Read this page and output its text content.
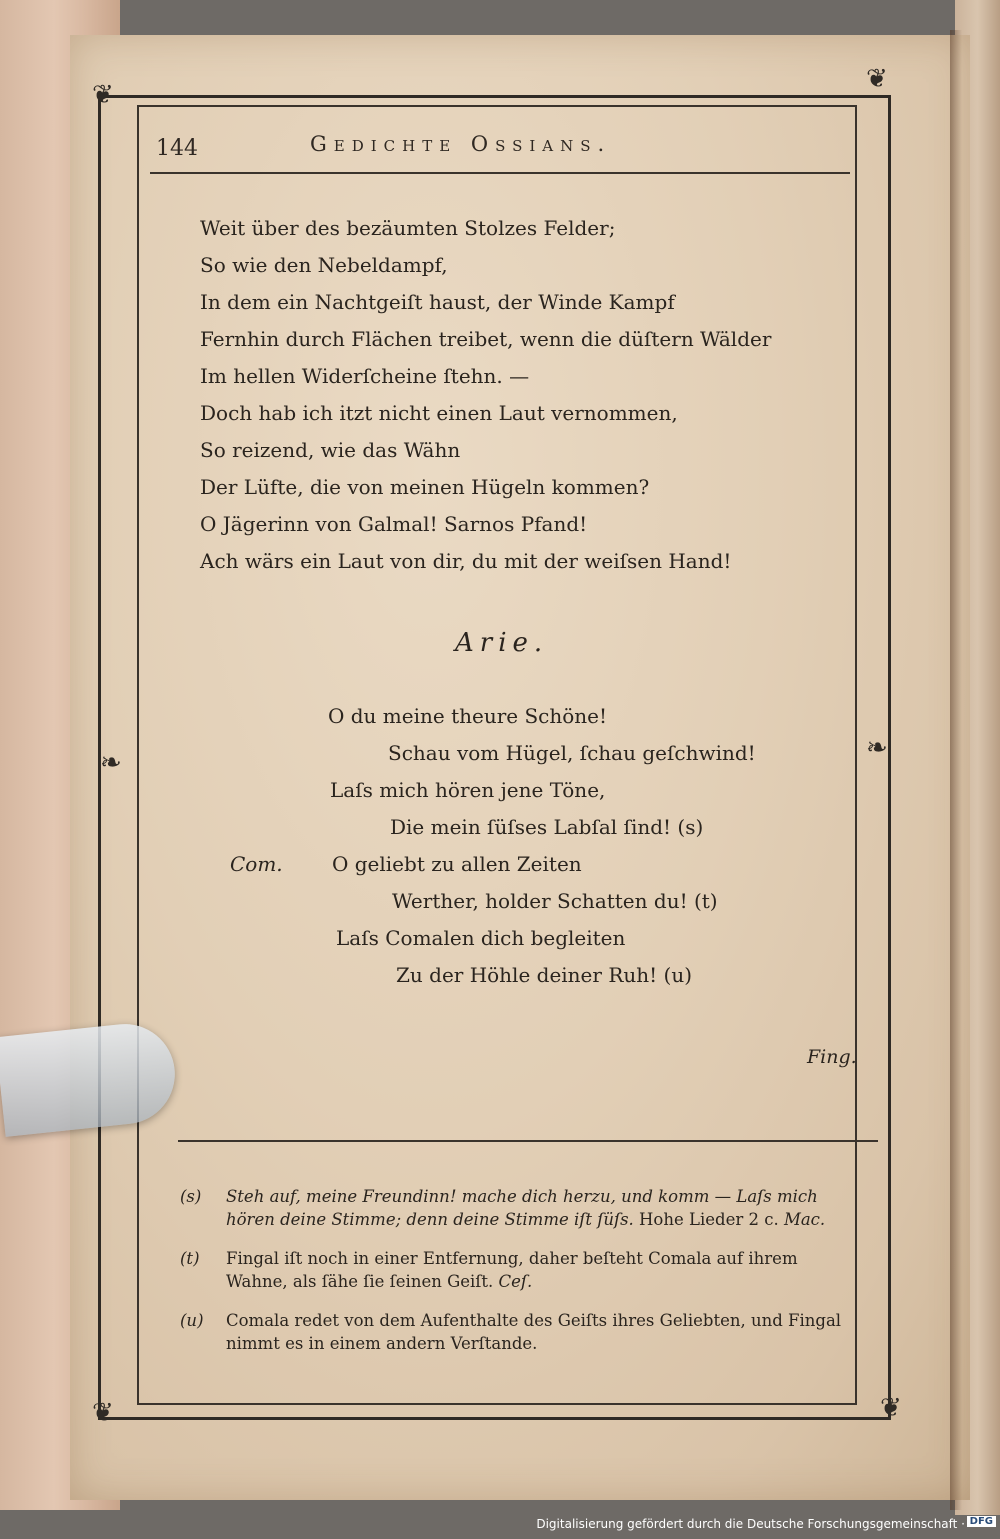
❦
❦
❦	❦
❧	❧
144	Gedichte Ossians.
Weit über des bezäumten Stolzes Felder;
So wie den Nebeldampf,
In dem ein Nachtgeiſt haust, der Winde Kampf
Fernhin durch Flächen treibet, wenn die düſtern Wälder
Im hellen Widerſcheine ſtehn. —
Doch hab ich itzt nicht einen Laut vernommen,
So reizend, wie das Wähn
Der Lüfte, die von meinen Hügeln kommen?
O Jägerinn von Galmal! Sarnos Pfand!
Ach wärs ein Laut von dir, du mit der weiſsen Hand!
Arie.
O du meine theure Schöne!
Schau vom Hügel, ſchau geſchwind!
Laſs mich hören jene Töne,
Die mein ſüſses Labſal ſind! (s)
Com. O geliebt zu allen Zeiten
Werther, holder Schatten du! (t)
Laſs Comalen dich begleiten
Zu der Höhle deiner Ruh! (u)
Fing.
(s) Steh auf, meine Freundinn! mache dich herzu, und komm — Laſs mich
hören deine Stimme; denn deine Stimme iſt ſüſs. Hohe Lieder 2 c. Mac.
(t) Fingal iſt noch in einer Entfernung, daher beſteht Comala auf ihrem
Wahne, als ſähe ſie ſeinen Geiſt. Ceſ.
(u) Comala redet von dem Aufenthalte des Geiſts ihres Geliebten, und Fingal
nimmt es in einem andern Verſtande.
Digitalisierung gefördert durch die Deutsche Forschungsgemeinschaft · DFG
